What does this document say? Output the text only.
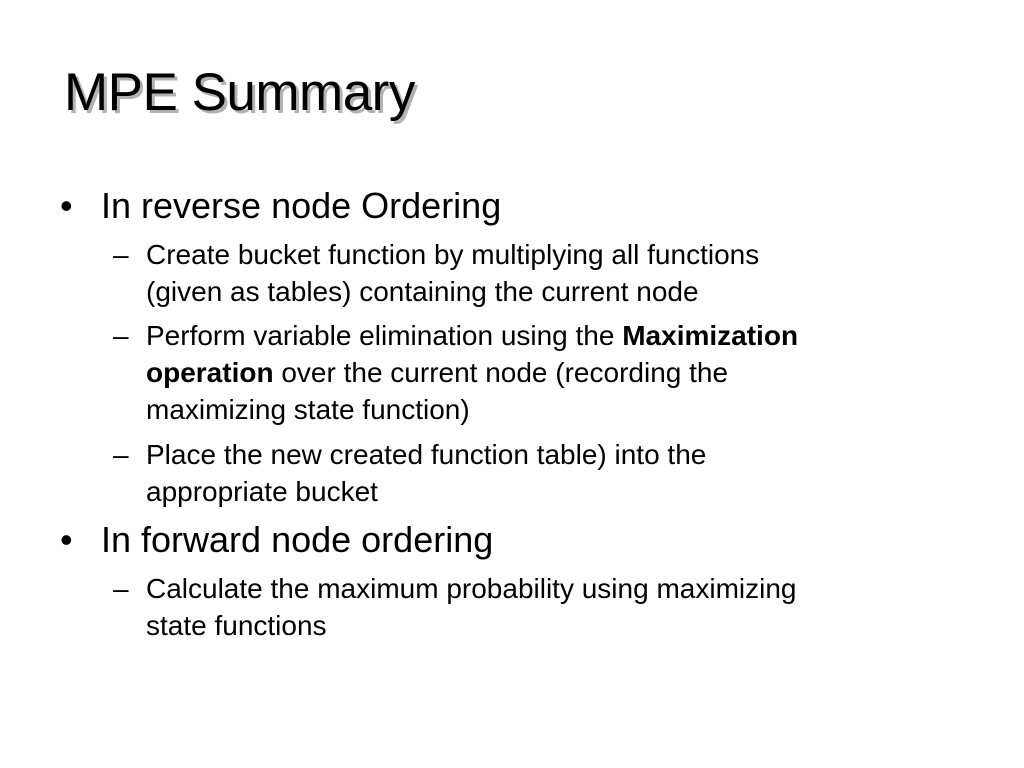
MPE Summary
• In reverse node Ordering
– Create bucket function by multiplying all functions
(given as tables) containing the current node
– Perform variable elimination using the Maximization
operation over the current node (recording the
maximizing state function)
– Place the new created function table) into the
appropriate bucket
• In forward node ordering
– Calculate the maximum probability using maximizing
state functions
